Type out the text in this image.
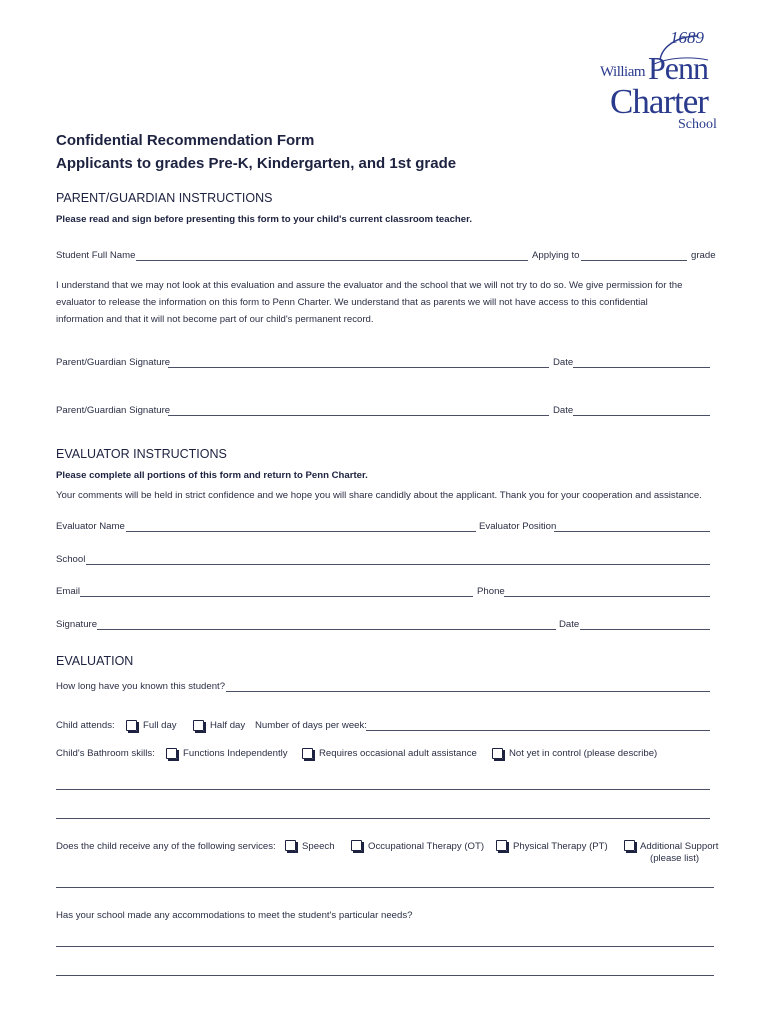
1689
William Penn
Charter
School
Confidential Recommendation Form
Applicants to grades Pre-K, Kindergarten, and 1st grade
PARENT/GUARDIAN INSTRUCTIONS
Please read and sign before presenting this form to your child's current classroom teacher.
Student Full Name	Applying to	grade
I understand that we may not look at this evaluation and assure the evaluator and the school that we will not try to do so. We give permission for the evaluator to release the information on this form to Penn Charter. We understand that as parents we will not have access to this confidential information and that it will not become part of our child's permanent record.
Parent/Guardian Signature	Date
Parent/Guardian Signature	Date
EVALUATOR INSTRUCTIONS
Please complete all portions of this form and return to Penn Charter.
Your comments will be held in strict confidence and we hope you will share candidly about the applicant. Thank you for your cooperation and assistance.
Evaluator Name	Evaluator Position
School
Email	Phone
Signature	Date
EVALUATION
How long have you known this student?
Child attends:	Full day	Half day Number of days per week:
Child's Bathroom skills:	Functions Independently	Requires occasional adult assistance	Not yet in control (please describe)
Does the child receive any of the following services:	Speech	Occupational Therapy (OT)	Physical Therapy (PT)	Additional Support
(please list)
Has your school made any accommodations to meet the student's particular needs?
